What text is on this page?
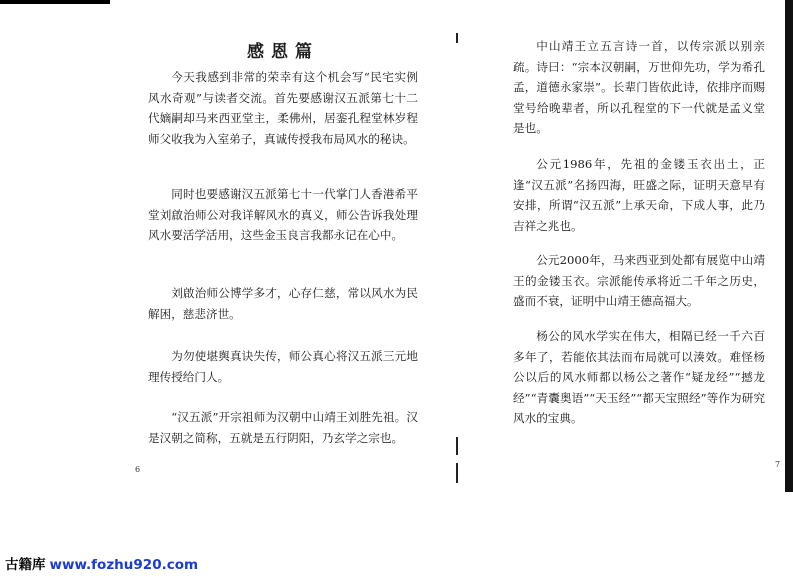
感恩篇

今天我感到非常的荣幸有这个机会写“民宅实例风水奇观”与读者交流。首先要感谢汉五派第七十二代嫡嗣却马来西亚堂主，柔佛州，居銮孔程堂林岁程师父收我为入室弟子，真诚传授我布局风水的秘诀。

同时也要感谢汉五派第七十一代掌门人香港希平堂刘啟治师公对我详解风水的真义，师公告诉我处理风水要活学活用，这些金玉良言我都永记在心中。

刘啟治师公博学多才，心存仁慈，常以风水为民解困，慈悲济世。

为勿使堪舆真诀失传，师公真心将汉五派三元地理传授给门人。

“汉五派”开宗祖师为汉朝中山靖王刘胜先祖。汉是汉朝之简称，五就是五行阴阳，乃玄学之宗也。

6

中山靖王立五言诗一首，以传宗派以别亲疏。诗曰：“宗本汉朝嗣，万世仰先功，学为希孔孟，道德永家崇”。长辈门皆依此诗，依排序而赐堂号给晚辈者，所以孔程堂的下一代就是孟义堂是也。

公元1986年，先祖的金镂玉衣出土，正逢“汉五派”名扬四海，旺盛之际，证明天意早有安排，所谓“汉五派”上承天命，下成人事，此乃吉祥之兆也。

公元2000年，马来西亚到处都有展览中山靖王的金镂玉衣。宗派能传承将近二千年之历史，盛而不衰，证明中山靖王德高福大。

杨公的风水学实在伟大，相隔已经一千六百多年了，若能依其法而布局就可以湊效。难怪杨公以后的风水师都以杨公之著作“疑龙经”“撼龙经”“青囊奥语”“天玉经”“都天宝照经”等作为研究风水的宝典。

7
古籍库 www.fozhu920.com
